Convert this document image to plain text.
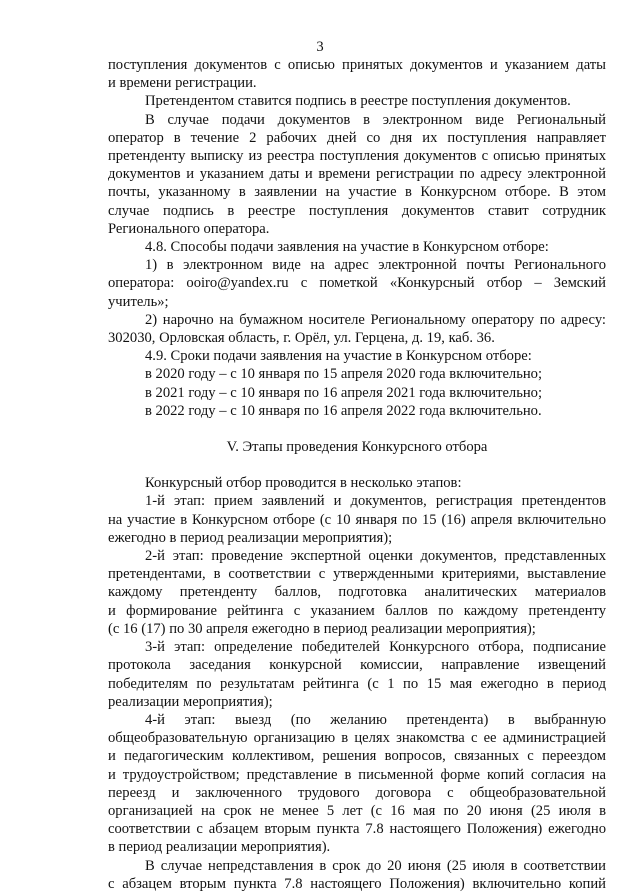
3

поступления документов с описью принятых документов и указанием даты

и времени регистрации.

Претендентом ставится подпись в реестре поступления документов.

В случае подачи документов в электронном виде Региональный

оператор в течение 2 рабочих дней со дня их поступления направляет

претенденту выписку из реестра поступления документов с описью принятых

документов и указанием даты и времени регистрации по адресу электронной

почты, указанному в заявлении на участие в Конкурсном отборе. В этом

случае подпись в реестре поступления документов ставит сотрудник

Регионального оператора.

4.8. Способы подачи заявления на участие в Конкурсном отборе:

1) в электронном виде на адрес электронной почты Регионального

оператора: ooiro@yandex.ru с пометкой «Конкурсный отбор – Земский

учитель»;

2) нарочно на бумажном носителе Региональному оператору по адресу:

302030, Орловская область, г. Орёл, ул. Герцена, д. 19, каб. 36.

4.9. Сроки подачи заявления на участие в Конкурсном отборе:

в 2020 году – с 10 января по 15 апреля 2020 года включительно;

в 2021 году – с 10 января по 16 апреля 2021 года включительно;

в 2022 году – с 10 января по 16 апреля 2022 года включительно.

V. Этапы проведения Конкурсного отбора

Конкурсный отбор проводится в несколько этапов:

1-й этап: прием заявлений и документов, регистрация претендентов

на участие в Конкурсном отборе (с 10 января по 15 (16) апреля включительно

ежегодно в период реализации мероприятия);

2-й этап: проведение экспертной оценки документов, представленных

претендентами, в соответствии с утвержденными критериями, выставление

каждому претенденту баллов, подготовка аналитических материалов

и формирование рейтинга с указанием баллов по каждому претенденту

(с 16 (17) по 30 апреля ежегодно в период реализации мероприятия);

3-й этап: определение победителей Конкурсного отбора, подписание

протокола заседания конкурсной комиссии, направление извещений

победителям по результатам рейтинга (с 1 по 15 мая ежегодно в период

реализации мероприятия);

4-й этап: выезд (по желанию претендента) в выбранную

общеобразовательную организацию в целях знакомства с ее администрацией

и педагогическим коллективом, решения вопросов, связанных с переездом

и трудоустройством; представление в письменной форме копий согласия на

переезд и заключенного трудового договора с общеобразовательной

организацией на срок не менее 5 лет (с 16 мая по 20 июня (25 июля в

соответствии с абзацем вторым пункта 7.8 настоящего Положения) ежегодно

в период реализации мероприятия).

В случае непредставления в срок до 20 июня (25 июля в соответствии

с абзацем вторым пункта 7.8 настоящего Положения) включительно копий
